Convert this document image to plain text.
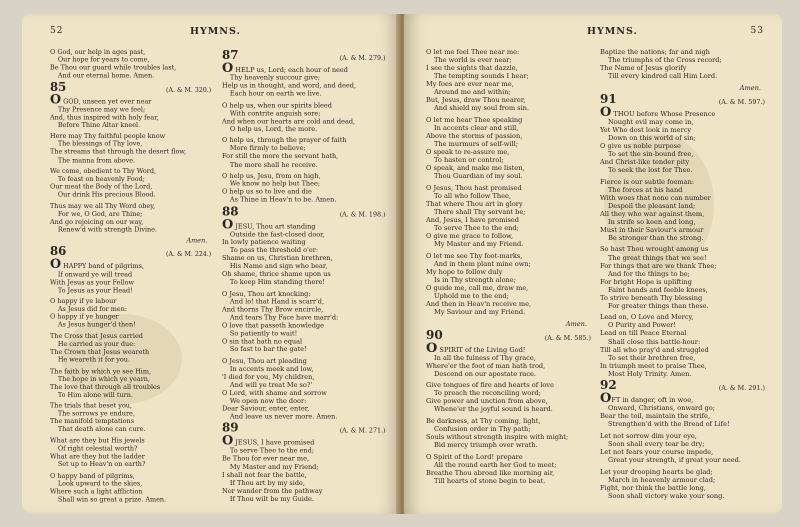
52	HYMNS.
O God, our help in ages past,
Our hope for years to come,
Be Thou our guard while troubles last,
And our eternal home. Amen.
85	(A. & M. 320.)
O GOD, unseen yet ever near
Thy Presence may we feel;
And, thus inspired with holy fear,
Before Thine Altar kneel.
Here may Thy faithful people know
The blessings of Thy love,
The streams that through the desert flow,
The manna from above.
We come, obedient to Thy Word,
To feast on heavenly Food;
Our meat the Body of the Lord,
Our drink His precious Blood.
Thus may we all Thy Word obey,
For we, O God, are Thine;
And go rejoicing on our way,
Renew'd with strength Divine.
Amen.
86	(A. & M. 224.)
O HAPPY band of pilgrims,
If onward ye will tread
With Jesus as your Fellow
To Jesus as your Head!
O happy if ye labour
As Jesus did for men:
O happy if ye hunger
As Jesus hunger'd then!
The Cross that Jesus carried
He carried as your due:
The Crown that Jesus weareth
He weareth it for you.
The faith by which ye see Him,
The hope in which ye yearn,
The love that through all troubles
To Him alone will turn.
The trials that beset you,
The sorrows ye endure,
The manifold temptations
That death alone can cure.
What are they but His jewels
Of right celestial worth?
What are they but the ladder
Set up to Heav'n on earth?
O happy band of pilgrims,
Look upward to the skies,
Where such a light affliction
Shall win so great a prize. Amen.
87	(A. & M. 279.)
O HELP us, Lord; each hour of need
Thy heavenly succour give;
Help us in thought, and word, and deed,
Each hour on earth we live.
O help us, when our spirits bleed
With contrite anguish sore;
And when our hearts are cold and dead,
O help us, Lord, the more.
O help us, through the prayer of faith
More firmly to believe;
For still the more the servant hath,
The more shall he receive.
O help us, Jesu, from on high,
We know no help but Thee;
O help us so to live and die
As Thine in Heav'n to be. Amen.
88	(A. & M. 198.)
O JESU, Thou art standing
Outside the fast-closed door,
In lowly patience waiting
To pass the threshold o'er:
Shame on us, Christian brethren,
His Name and sign who bear,
Oh shame, thrice shame upon us
To keep Him standing there!
O Jesu, Thou art knocking:
And lo! that Hand is scarr'd,
And thorns Thy Brow encircle,
And tears Thy Face have marr'd:
O love that passeth knowledge
So patiently to wait!
O sin that hath no equal
So fast to bar the gate!
O Jesu, Thou art pleading
In accents meek and low,
'I died for you, My children,
And will ye treat Me so?'
O Lord, with shame and sorrow
We open now the door:
Dear Saviour, enter, enter,
And leave us never more. Amen.
89	(A. & M. 271.)
O JESUS, I have promised
To serve Thee to the end;
Be Thou for ever near me,
My Master and my Friend;
I shall not fear the battle,
If Thou art by my side,
Nor wander from the pathway
If Thou wilt be my Guide.
HYMNS.	53
O let me feel Thee near me:
The world is ever near;
I see the sights that dazzle,
The tempting sounds I hear;
My foes are ever near me,
Around me and within;
But, Jesus, draw Thou nearer,
And shield my soul from sin.
O let me hear Thee speaking
In accents clear and still,
Above the storms of passion,
The murmurs of self-will;
O speak to re-assure me,
To hasten or control;
O speak, and make me listen,
Thou Guardian of my soul.
O Jesus, Thou hast promised
To all who follow Thee,
That where Thou art in glory
There shall Thy servant be;
And, Jesus, I have promised
To serve Thee to the end;
O give me grace to follow,
My Master and my Friend.
O let me see Thy foot-marks,
And in them plant mine own;
My hope to follow duly
Is in Thy strength alone;
O guide me, call me, draw me,
Uphold me to the end;
And then in Heav'n receive me,
My Saviour and my Friend.
Amen.
90	(A. & M. 585.)
O SPIRIT of the Living God!
In all the fulness of Thy grace,
Where'er the foot of man hath trod,
Descend on our apostate race.
Give tongues of fire and hearts of love
To preach the reconciling word;
Give power and unction from above,
Whene'er the joyful sound is heard.
Be darkness, at Thy coming, light,
Confusion order in Thy path;
Souls without strength inspire with might;
Bid mercy triumph over wrath.
O Spirit of the Lord! prepare
All the round earth her God to meet;
Breathe Thou abroad like morning air,
Till hearts of stone begin to beat.
Baptize the nations; far and nigh
The triumphs of the Cross record;
The Name of Jesus glorify
Till every kindred call Him Lord.
Amen.
91	(A. & M. 597.)
O THOU before Whose Presence
Nought evil may come in,
Yet Who dost look in mercy
Down on this world of sin;
O give us noble purpose
To set the sin-bound free,
And Christ-like tender pity
To seek the lost for Thee.
Fierce is our subtle foeman:
The forces at his hand
With woes that none can number
Despoil the pleasant land;
All they who war against them,
In strife so keen and long,
Must in their Saviour's armour
Be stronger than the strong.
So hast Thou wrought among us
The great things that we see!
For things that are we thank Thee;
And for the things to be;
For bright Hope is uplifting
Faint hands and feeble knees,
To strive beneath Thy blessing
For greater things than these.
Lead on, O Love and Mercy,
O Purity and Power!
Lead on till Peace Eternal
Shall close this battle-hour:
Till all who pray'd and struggled
To set their brethren free,
In triumph meet to praise Thee,
Most Holy Trinity. Amen.
92	(A. & M. 291.)
OFT in danger, oft in woe,
Onward, Christians, onward go;
Bear the toil, maintain the strife,
Strengthen'd with the Bread of Life!
Let not sorrow dim your eye,
Soon shall every tear be dry;
Let not fears your course impede,
Great your strength, if great your need.
Let your drooping hearts be glad;
March in heavenly armour clad;
Fight, nor think the battle long,
Soon shall victory wake your song.
